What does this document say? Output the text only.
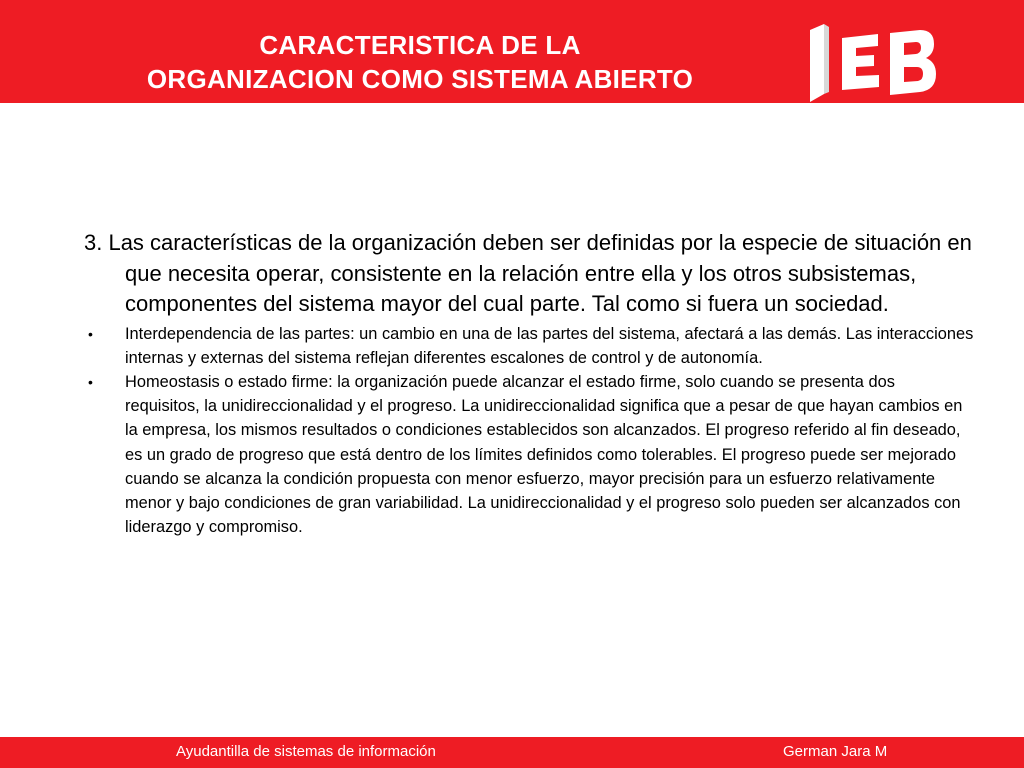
CARACTERISTICA DE LA
ORGANIZACION COMO SISTEMA ABIERTO

3. Las características de la organización deben ser definidas por la especie de situación en que necesita operar, consistente en la relación entre ella y los otros subsistemas, componentes del sistema mayor del cual parte. Tal como si fuera un sociedad.

• Interdependencia de las partes: un cambio en una de las partes del sistema, afectará a las demás. Las interacciones internas y externas del sistema reflejan diferentes escalones de control y de autonomía.
• Homeostasis o estado firme: la organización puede alcanzar el estado firme, solo cuando se presenta dos requisitos, la unidireccionalidad y el progreso. La unidireccionalidad significa que a pesar de que hayan cambios en la empresa, los mismos resultados o condiciones establecidos son alcanzados. El progreso referido al fin deseado, es un grado de progreso que está dentro de los límites definidos como tolerables. El progreso puede ser mejorado cuando se alcanza la condición propuesta con menor esfuerzo, mayor precisión para un esfuerzo relativamente menor y bajo condiciones de gran variabilidad. La unidireccionalidad y el progreso solo pueden ser alcanzados con liderazgo y compromiso.
Ayudantilla de sistemas de información	German Jara M
